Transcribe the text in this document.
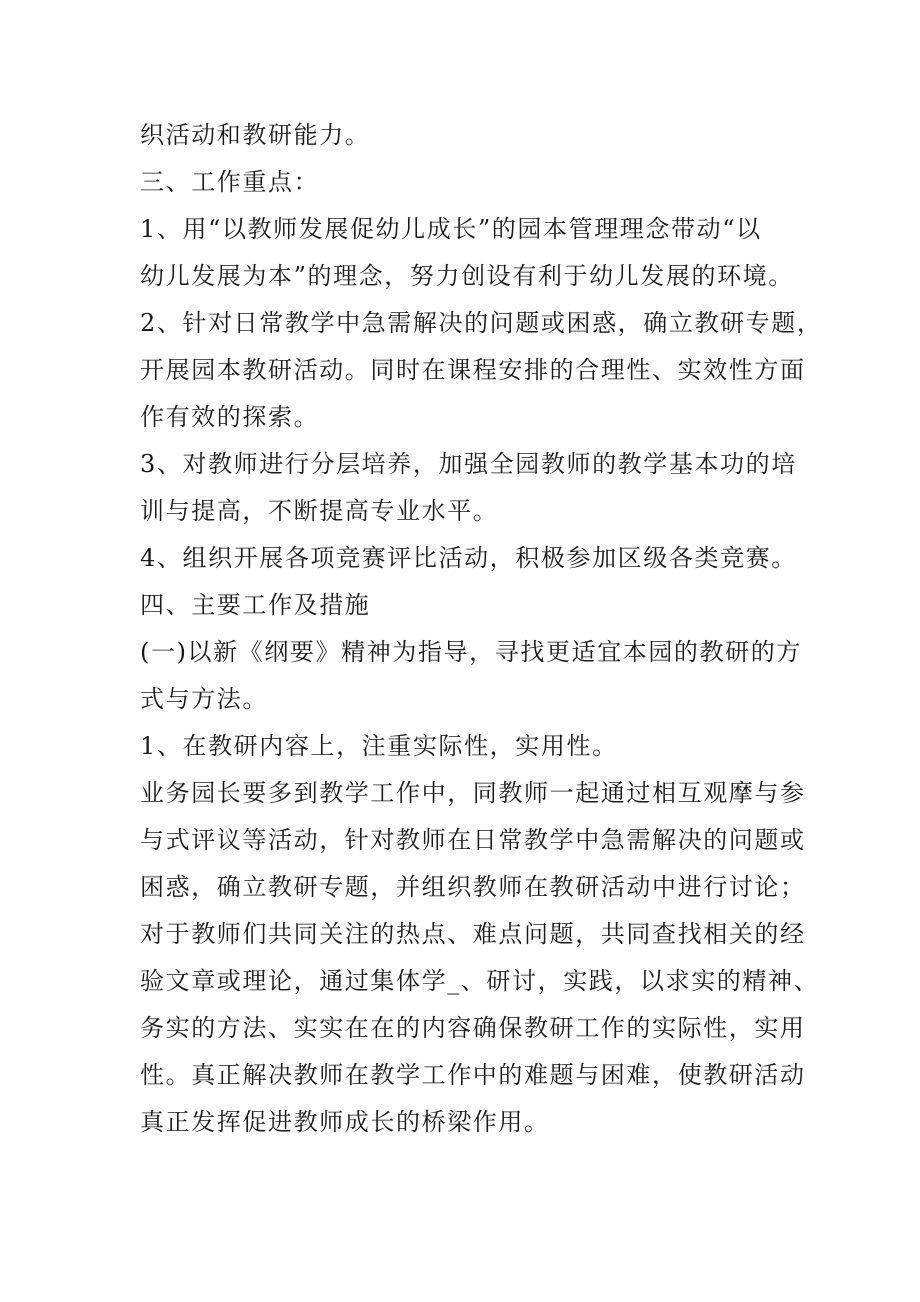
织活动和教研能力。
三、工作重点：
1、用“以教师发展促幼儿成长”的园本管理理念带动“以
幼儿发展为本”的理念，努力创设有利于幼儿发展的环境。
2、针对日常教学中急需解决的问题或困惑，确立教研专题，
开展园本教研活动。同时在课程安排的合理性、实效性方面
作有效的探索。
3、对教师进行分层培养，加强全园教师的教学基本功的培
训与提高，不断提高专业水平。
4、组织开展各项竞赛评比活动，积极参加区级各类竞赛。
四、主要工作及措施
(一)以新《纲要》精神为指导，寻找更适宜本园的教研的方
式与方法。
1、在教研内容上，注重实际性，实用性。
业务园长要多到教学工作中，同教师一起通过相互观摩与参
与式评议等活动，针对教师在日常教学中急需解决的问题或
困惑，确立教研专题，并组织教师在教研活动中进行讨论；
对于教师们共同关注的热点、难点问题，共同查找相关的经
验文章或理论，通过集体学_、研讨，实践，以求实的精神、
务实的方法、实实在在的内容确保教研工作的实际性，实用
性。真正解决教师在教学工作中的难题与困难，使教研活动
真正发挥促进教师成长的桥梁作用。
